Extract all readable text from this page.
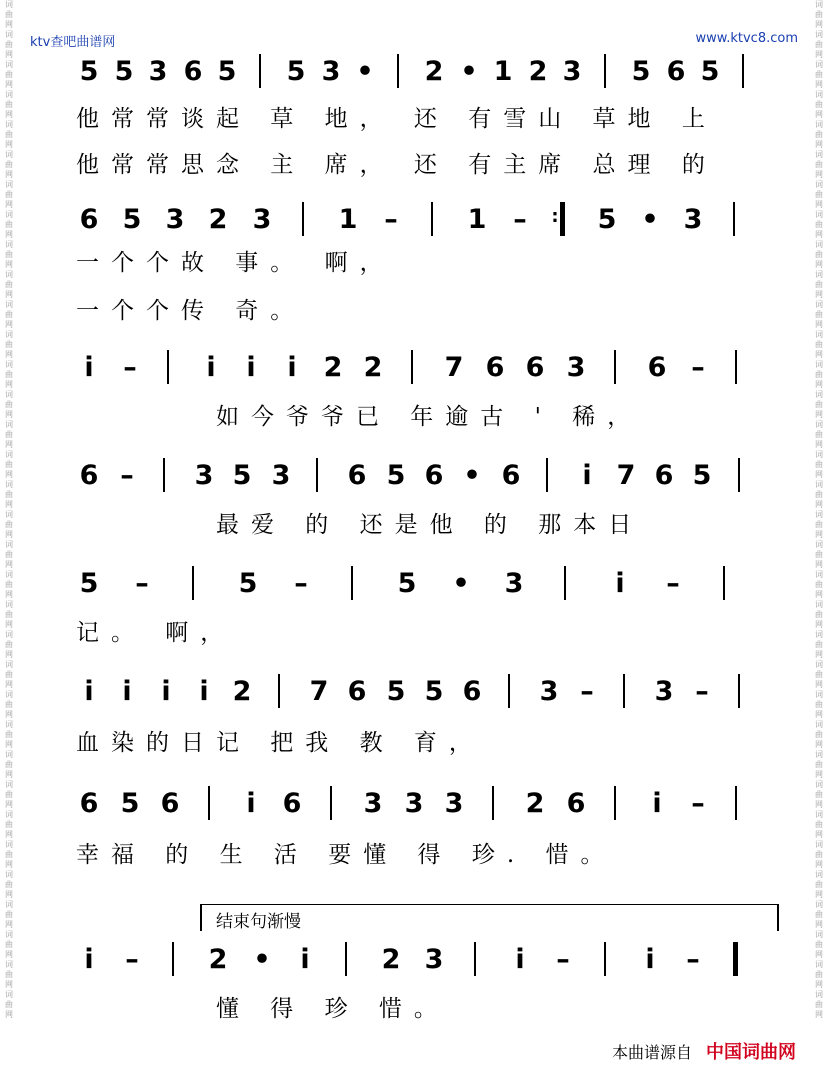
词曲网词曲网词曲网词曲网词曲网词曲网词曲网词曲网词曲网词曲网词曲网词曲网词曲网词曲网词曲网词曲网词曲网词曲网词曲网词曲网词曲网词曲网词曲网词曲网词曲网词曲网词曲网词曲网词曲网词曲网词曲网词曲网词曲网词曲网
词曲网词曲网词曲网词曲网词曲网词曲网词曲网词曲网词曲网词曲网词曲网词曲网词曲网词曲网词曲网词曲网词曲网词曲网词曲网词曲网词曲网词曲网词曲网词曲网词曲网词曲网词曲网词曲网词曲网词曲网词曲网词曲网词曲网词曲网
ktv查吧曲谱网	www.ktvc8.com
结束句渐慢
本曲谱源自 中国词曲网
5 5 3 6 5 5 3 • 2 • 1 2 3 5 6 5
他常常谈起 草 地， 还 有雪山 草地 上
他常常思念 主 席， 还 有主席 总理 的
6 5 3 2 3 1 –	1 –	:	5 • 3
一个个故 事。 啊，
一个个传 奇。
i	–	i	i	i 2 2 7 6 6 3 6 –
如今爷爷已 年逾古 ' 稀，
6 – 3 5 3 6 5 6 • 6	i 7 6 5
最爱 的 还是他 的 那本日
5 –	5 –	5 • 3	i	–
记。 啊，
i	i	i	i 2 7 6 5 5 6 3 – 3 –
血染的日记 把我 教 育，
6 5 6	i 6 3 3 3 2 6	i	–
幸福 的 生 活 要懂 得 珍. 惜。
i	–	2 •	i	2 3	i	–	i	–
懂 得 珍 惜。
